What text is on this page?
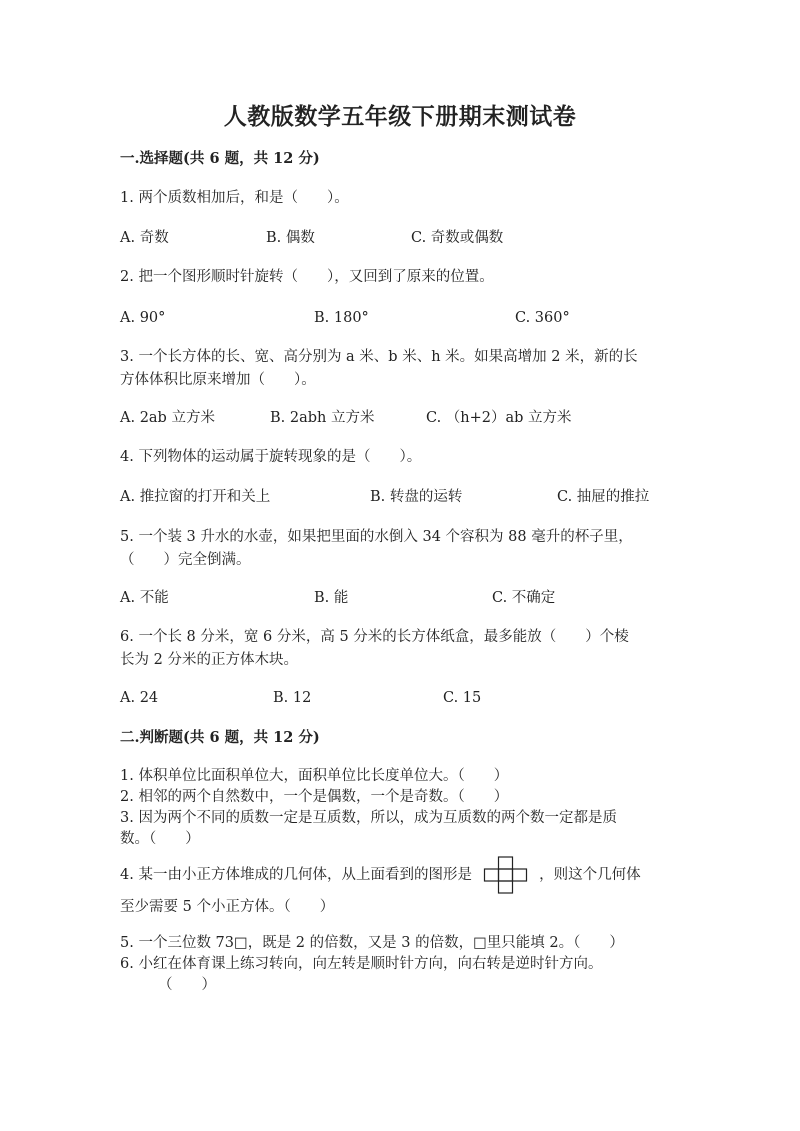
人教版数学五年级下册期末测试卷
一.选择题(共 6 题，共 12 分)
1. 两个质数相加后，和是（　　）。
A. 奇数	B. 偶数	C. 奇数或偶数
2. 把一个图形顺时针旋转（　　），又回到了原来的位置。
A. 90°	B. 180°	C. 360°
3. 一个长方体的长、宽、高分别为 a 米、b 米、h 米。如果高增加 2 米，新的长
方体体积比原来增加（　　）。
A. 2ab 立方米	B. 2abh 立方米	C. （h+2）ab 立方米
4. 下列物体的运动属于旋转现象的是（　　）。
A. 推拉窗的打开和关上	B. 转盘的运转	C. 抽屉的推拉
5. 一个装 3 升水的水壶，如果把里面的水倒入 34 个容积为 88 毫升的杯子里，
（　　）完全倒满。
A. 不能	B. 能	C. 不确定
6. 一个长 8 分米，宽 6 分米，高 5 分米的长方体纸盒，最多能放（　　）个棱
长为 2 分米的正方体木块。
A. 24	B. 12	C. 15
二.判断题(共 6 题，共 12 分)
1. 体积单位比面积单位大，面积单位比长度单位大。（　　）
2. 相邻的两个自然数中，一个是偶数，一个是奇数。（　　）
3. 因为两个不同的质数一定是互质数，所以，成为互质数的两个数一定都是质
数。（　　）
4. 某一由小正方体堆成的几何体，从上面看到的图形是	，则这个几何体
至少需要 5 个小正方体。（　　）
5. 一个三位数 73□，既是 2 的倍数，又是 3 的倍数，□里只能填 2。（　　）
6. 小红在体育课上练习转向，向左转是顺时针方向，向右转是逆时针方向。
（　　）
